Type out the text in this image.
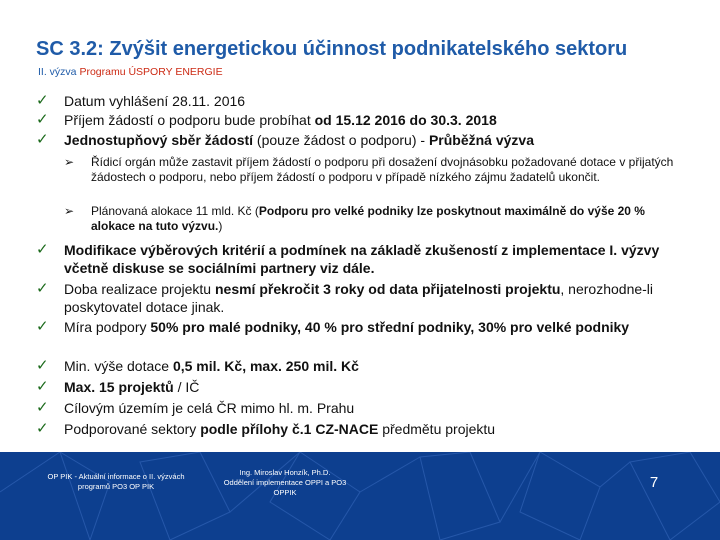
SC 3.2: Zvýšit energetickou účinnost podnikatelského sektoru
II. výzva Programu ÚSPORY ENERGIE
✓ Datum vyhlášení 28.11. 2016
✓ Příjem žádostí o podporu bude probíhat od 15.12 2016 do 30.3. 2018
✓ Jednostupňový sběr žádostí (pouze žádost o podporu) - Průběžná výzva
➢ Řídicí orgán může zastavit příjem žádostí o podporu při dosažení dvojnásobku požadované dotace v přijatých žádostech o podporu, nebo příjem žádostí o podporu v případě nízkého zájmu žadatelů ukončit.
➢ Plánovaná alokace 11 mld. Kč (Podporu pro velké podniky lze poskytnout maximálně do výše 20 % alokace na tuto výzvu.)
✓ Modifikace výběrových kritérií a podmínek na základě zkušeností z implementace I. výzvy včetně diskuse se sociálními partnery viz dále.
✓ Doba realizace projektu nesmí překročit 3 roky od data přijatelnosti projektu, nerozhodne-li poskytovatel dotace jinak.
✓ Míra podpory 50% pro malé podniky, 40 % pro střední podniky, 30% pro velké podniky
✓ Min. výše dotace 0,5 mil. Kč, max. 250 mil. Kč
✓ Max. 15 projektů / IČ
✓ Cílovým územím je celá ČR mimo hl. m. Prahu
✓ Podporované sektory podle přílohy č.1 CZ-NACE předmětu projektu
OP PIK - Aktuální informace o II. výzvách
programů PO3 OP PIK
Ing. Miroslav Honzík, Ph.D.
Oddělení implementace OPPI a PO3
OPPIK
7
